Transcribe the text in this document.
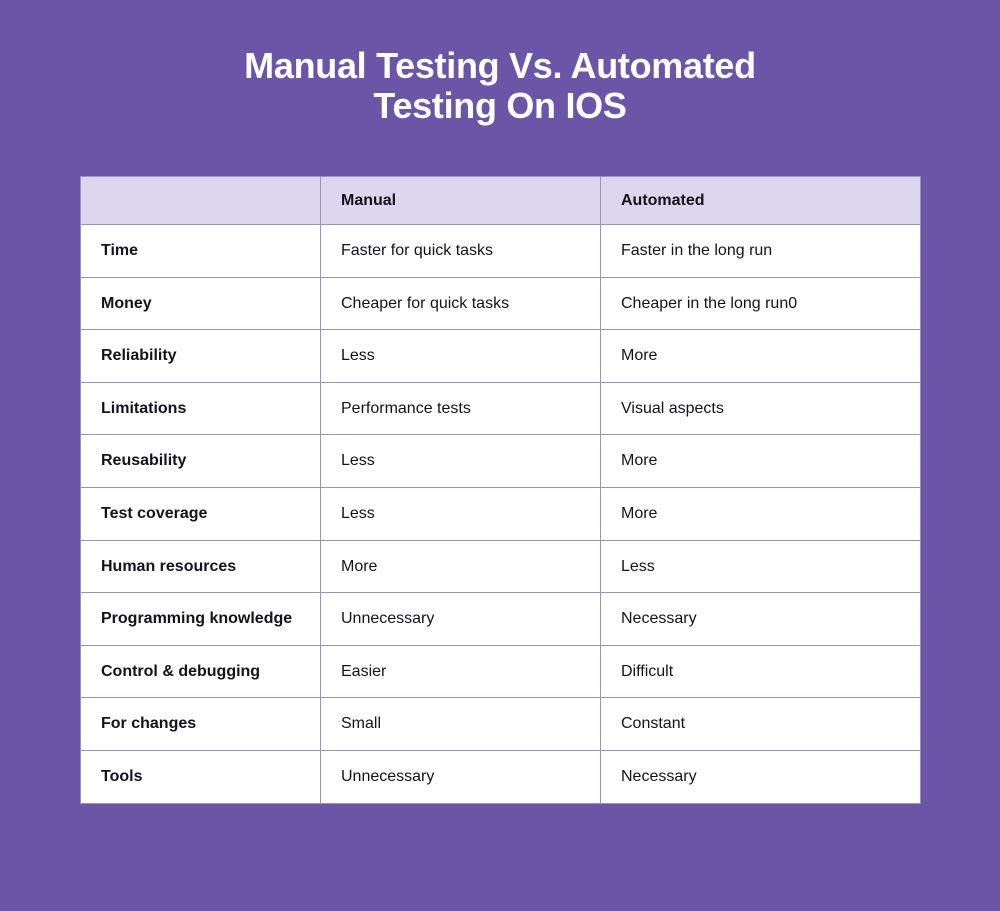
Manual Testing Vs. Automated
Testing On IOS
	Manual	Automated
Time	Faster for quick tasks	Faster in the long run
Money	Cheaper for quick tasks	Cheaper in the long run0
Reliability	Less	More
Limitations	Performance tests	Visual aspects
Reusability	Less	More
Test coverage	Less	More
Human resources	More	Less
Programming knowledge	Unnecessary	Necessary
Control & debugging	Easier	Difficult
For changes	Small	Constant
Tools	Unnecessary	Necessary
